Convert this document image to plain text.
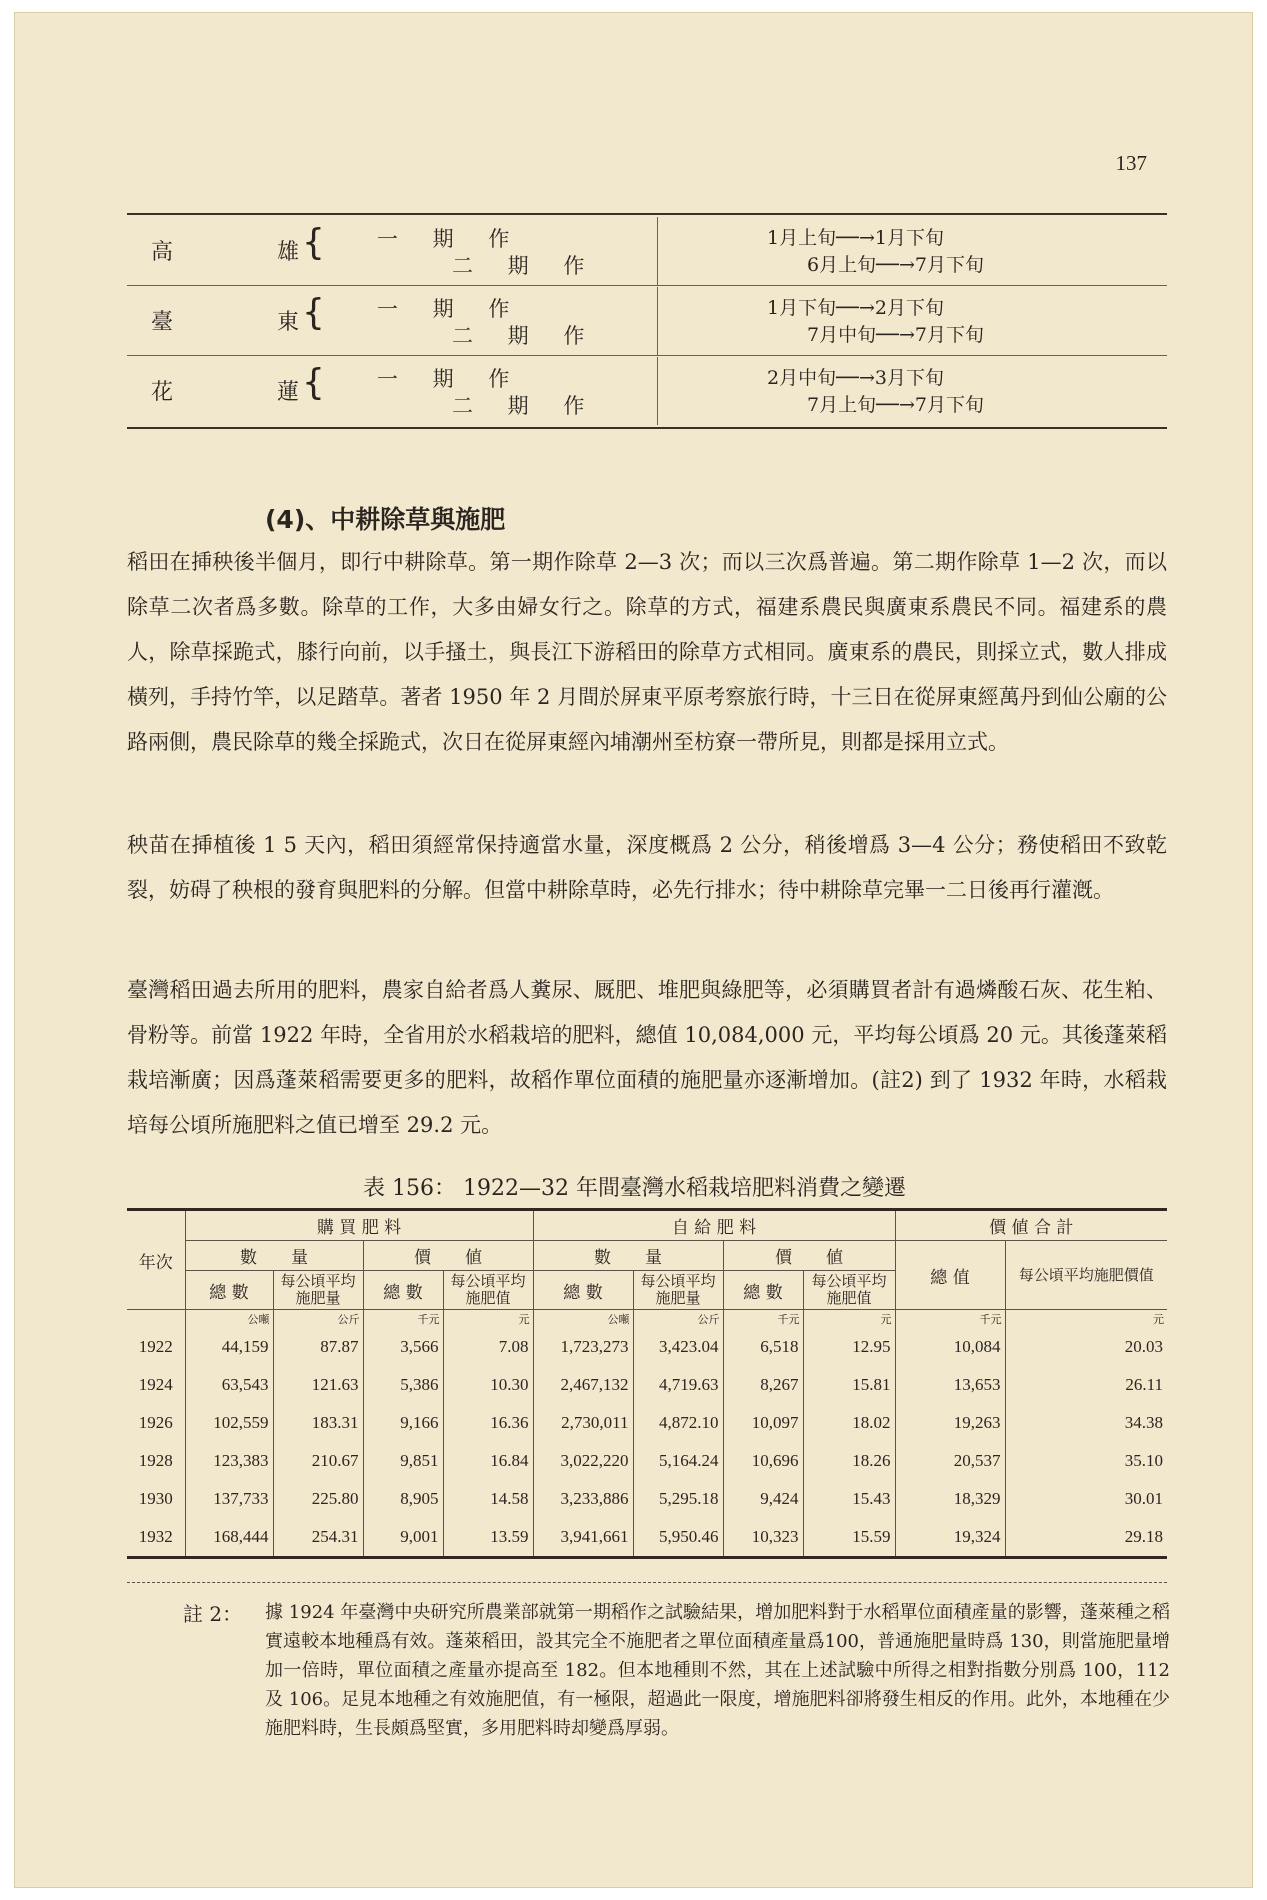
137
高	雄 { 一 期 作
二 期 作
1月上旬──→1月下旬
6月上旬──→7月下旬
臺	東 { 一 期 作
二 期 作
1月下旬──→2月下旬
7月中旬──→7月下旬
花	蓮 { 一 期 作
二 期 作
2月中旬──→3月下旬
7月上旬──→7月下旬
(4)、中耕除草與施肥

稻田在挿秧後半個月，即行中耕除草。第一期作除草 2—3 次；而以三次爲普遍。第二期作除草 1—2 次，而以除草二次者爲多數。除草的工作，大多由婦女行之。除草的方式，福建系農民與廣東系農民不同。福建系的農人，除草採跪式，膝行向前，以手搔土，與長江下游稻田的除草方式相同。廣東系的農民，則採立式，數人排成橫列，手持竹竿，以足踏草。著者 1950 年 2 月間於屏東平原考察旅行時，十三日在從屏東經萬丹到仙公廟的公路兩側，農民除草的幾全採跪式，次日在從屏東經內埔潮州至枋寮一帶所見，則都是採用立式。

秧苗在挿植後 1 5 天內，稻田須經常保持適當水量，深度概爲 2 公分，稍後增爲 3—4 公分；務使稻田不致乾裂，妨碍了秧根的發育與肥料的分解。但當中耕除草時，必先行排水；待中耕除草完畢一二日後再行灌漑。

臺灣稻田過去所用的肥料，農家自給者爲人糞尿、厩肥、堆肥與綠肥等，必須購買者計有過燐酸石灰、花生粕、骨粉等。前當 1922 年時，全省用於水稻栽培的肥料，總值 10,084,000 元，平均每公頃爲 20 元。其後蓬萊稻栽培漸廣；因爲蓬萊稻需要更多的肥料，故稻作單位面積的施肥量亦逐漸增加。(註2) 到了 1932 年時，水稻栽培每公頃所施肥料之值已增至 29.2 元。

表 156： 1922—32 年間臺灣水稻栽培肥料消費之變遷
年次	購 買 肥 料				自 給 肥 料				價 値 合 計	
	數　　量		價　　値		數　　量		價　　値		總 值	每公頃平均施肥價值
	總 數	每公頃平均施肥量	總 數	每公頃平均施肥值	總 數	每公頃平均施肥量	總 數	每公頃平均施肥值		
	公噸	公斤	千元	元	公噸	公斤	千元	元	千元	元
1922	44,159	87.87	3,566	7.08	1,723,273	3,423.04	6,518	12.95	10,084	20.03
1924	63,543	121.63	5,386	10.30	2,467,132	4,719.63	8,267	15.81	13,653	26.11
1926	102,559	183.31	9,166	16.36	2,730,011	4,872.10	10,097	18.02	19,263	34.38
1928	123,383	210.67	9,851	16.84	3,022,220	5,164.24	10,696	18.26	20,537	35.10
1930	137,733	225.80	8,905	14.58	3,233,886	5,295.18	9,424	15.43	18,329	30.01
1932	168,444	254.31	9,001	13.59	3,941,661	5,950.46	10,323	15.59	19,324	29.18
註 2： 據 1924 年臺灣中央研究所農業部就第一期稻作之試驗結果，增加肥料對于水稻單位面積產量的影響，蓬萊種之稻實遠較本地種爲有效。蓬萊稻田，設其完全不施肥者之單位面積產量爲100，普通施肥量時爲 130，則當施肥量增加一倍時，單位面積之產量亦提高至 182。但本地種則不然，其在上述試驗中所得之相對指數分別爲 100，112 及 106。足見本地種之有效施肥值，有一極限，超過此一限度，增施肥料卻將發生相反的作用。此外，本地種在少施肥料時，生長頗爲堅實，多用肥料時却變爲厚弱。
